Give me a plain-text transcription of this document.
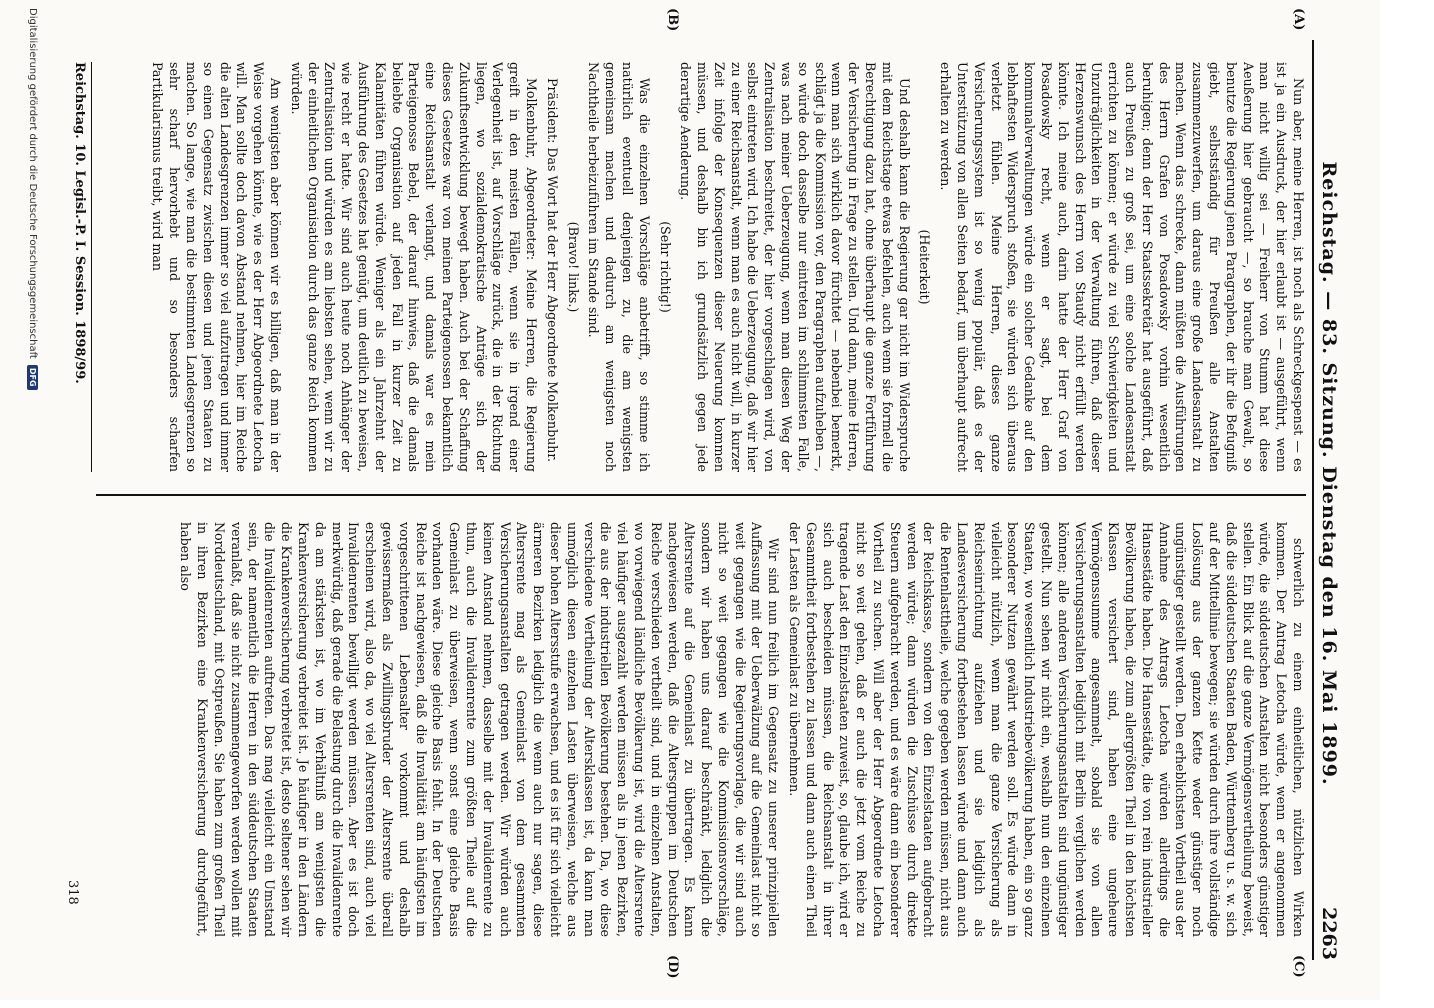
Reichstag. — 83. Sitzung. Dienstag den 16. Mai 1899.
2263
(A)
(B)
(C)
(D)

Nun aber, meine Herren, ist noch als Schreckgespenst — es ist ja ein Ausdruck, der hier erlaubt ist — ausgeführt, wenn man nicht willig sei — Freiherr von Stumm hat diese Aeußerung hier gebraucht —, so brauche man Gewalt, so benutze die Regierung jenen Paragraphen, der ihr die Befugniß giebt, selbstständig für Preußen alle Anstalten zusammenzuwerfen, um daraus eine große Landesanstalt zu machen. Wenn das schrecke, dann müßten die Ausführungen des Herrn Grafen von Posadowsky vorhin wesentlich beruhigen; denn der Herr Staatssekretär hat ausgeführt, daß auch Preußen zu groß sei, um eine solche Landesanstalt errichten zu können; er würde zu viel Schwierigkeiten und Unzuträglichkeiten in der Verwaltung führen, daß dieser Herzenswunsch des Herrn von Staudy nicht erfüllt werden könnte. Ich meine auch, darin hatte der Herr Graf von Posadowsky recht, wenn er sagt, bei dem kommunalverwaltungen würde ein solcher Gedanke auf den lebhaftesten Widerspruch stoßen, sie würden sich überaus verletzt fühlen. Meine Herren, dieses ganze Versicherungssystem ist so wenig populär, daß es der Unterstützung von allen Seiten bedarf, um überhaupt aufrecht erhalten zu werden.

(Heiterkeit)

Und deshalb kann die Regierung gar nicht im Widerspruche mit dem Reichstage etwas befehlen, auch wenn sie formell die Berechtigung dazu hat, ohne überhaupt die ganze Fortführung der Versicherung in Frage zu stellen. Und dann, meine Herren, wenn man sich wirklich davor fürchtet — nebenbei bemerkt, schlägt ja die Kommission vor, den Paragraphen aufzuheben —, so würde doch dasselbe nur eintreten im schlimmsten Falle, was nach meiner Ueberzeugung, wenn man diesen Weg der Zentralisation beschreitet, der hier vorgeschlagen wird, von selbst eintreten wird. Ich habe die Ueberzeugung, daß wir hier zu einer Reichsanstalt, wenn man es auch nicht will, in kurzer Zeit infolge der Konsequenzen dieser Neuerung kommen müssen, und deshalb bin ich grundsätzlich gegen jede derartige Aenderung.

(Sehr richtig!)

Was die einzelnen Vorschläge anbetrifft, so stimme ich natürlich eventuell denjenigen zu, die am wenigsten gemeinsam machen und dadurch am wenigsten noch Nachtheile herbeizuführen im Stande sind.

(Bravo! links.)

Präsident: Das Wort hat der Herr Abgeordnete Molkenbuhr.

Molkenbuhr, Abgeordneter: Meine Herren, die Regierung greift in den meisten Fällen, wenn sie in irgend einer Verlegenheit ist, auf Vorschläge zurück, die in der Richtung liegen, wo sozialdemokratische Anträge sich der Zukunftsentwicklung bewegt haben. Auch bei der Schaffung dieses Gesetzes war von meinen Parteigenossen bekanntlich eine Reichsanstalt verlangt, und damals war es mein Parteigenosse Bebel, der darauf hinwies, daß die damals beliebte Organisation auf jeden Fall in kurzer Zeit zu Kalamitäten führen würde. Weniger als ein Jahrzehnt der Ausführung des Gesetzes hat genügt, um deutlich zu beweisen, wie recht er hatte. Wir sind auch heute noch Anhänger der Zentralisation und würden es am liebsten sehen, wenn wir zu der einheitlichen Organisation durch das ganze Reich kommen würden.

Am wenigsten aber können wir es billigen, daß man in der Weise vorgehen könnte, wie es der Herr Abgeordnete Letocha will. Man sollte doch davon Abstand nehmen, hier im Reiche die alten Landesgrenzen immer so viel aufzutragen und immer so einen Gegensatz zwischen diesen und jenen Staaten zu machen. So lange, wie man die bestimmten Landesgrenzen so sehr scharf hervorhebt und so besonders scharfen Partikularismus treibt, wird man

schwerlich zu einem einheitlichen, nützlichen Wirken kommen. Der Antrag Letocha würde, wenn er angenommen würde, die süddeutschen Anstalten nicht besonders günstiger stellen. Ein Blick auf die ganze Vermögensvertheilung beweist, daß die süddeutschen Staaten Baden, Württemberg u. s. w. sich auf der Mittellinie bewegen; sie würden durch ihre vollständige Loslösung aus der ganzen Kette weder günstiger noch ungünstiger gestellt werden. Den erheblichsten Vortheil aus der Annahme des Antrags Letocha würden allerdings die Hansestädte haben. Die Hansestädte, die von rein industrieller Bevölkerung haben, die zum allergrößten Theil in den höchsten Klassen versichert sind, haben eine ungeheure Vermögenssumme angesammelt, sobald sie von allen Versicherungsanstalten lediglich mit Berlin verglichen werden können; alle anderen Versicherungsanstalten sind ungünstiger gestellt. Nun sehen wir nicht ein, weshalb nun den einzelnen Staaten, wo wesentlich Industriebevölkerung haben, ein so ganz besonderer Nutzen gewährt werden soll. Es würde dann in vielleicht nützlich, wenn man die ganze Versicherung als Reichseinrichtung aufziehen und sie lediglich als Landesversicherung fortbestehen lassen würde und dann auch die Rentenlasttheile, welche gegeben werden müssen, nicht aus der Reichskasse, sondern von den Einzelstaaten aufgebracht werden würde; dann würden die Zuschüsse durch direkte Steuern aufgebracht werden, und es wäre dann ein besonderer Vortheil zu suchen. Will aber der Herr Abgeordnete Letocha nicht so weit gehen, daß er auch die jetzt vom Reiche zu tragende Last den Einzelstaaten zuweist, so, glaube ich, wird er sich auch bescheiden müssen, die Reichsanstalt in ihrer Gesammtheit fortbestehen zu lassen und dann auch einen Theil der Lasten als Gemeinlast zu übernehmen.

Wir sind nun freilich im Gegensatz zu unserer prinzipiellen Auffassung mit der Ueberwälzung auf die Gemeinlast nicht so weit gegangen wie die Regierungsvorlage, die wir sind auch nicht so weit gegangen wie die Kommissionsvorschläge, sondern wir haben uns darauf beschränkt, lediglich die Altersrente auf die Gemeinlast zu übertragen. Es kann nachgewiesen werden, daß die Altersgruppen im Deutschen Reiche verschieden vertheilt sind, und in einzelnen Anstalten, wo vorwiegend ländliche Bevölkerung ist, wird die Altersrente viel häufiger ausgezahlt werden müssen als in jenen Bezirken, die aus der industriellen Bevölkerung bestehen. Da, wo diese verschiedene Vertheilung der Altersklassen ist, da kann man unmöglich diesen einzelnen Lasten überweisen, welche aus dieser hohen Altersstufe erwachsen, und es ist für sich vielleicht ärmeren Bezirken lediglich die wenn auch nur sagen, diese Altersrente mag als Gemeinlast von dem gesammten Versicherungsanstalten getragen werden. Wir würden auch keinen Anstand nehmen, dasselbe mit der Invalidenrente zu thun, auch die Invalidenrente zum größten Theile auf die Gemeinlast zu überweisen, wenn sonst eine gleiche Basis vorhanden wäre. Diese gleiche Basis fehlt. In der Deutschen Reiche ist nachgewiesen, daß die Invalidität am häufigsten im vorgeschrittenen Lebensalter vorkommt und deshalb gewissermaßen als Zwillingsbruder der Altersrente überall erscheinen wird, also da, wo viel Altersrenten sind, auch viel Invalidenrenten bewilligt werden müssen. Aber es ist doch merkwürdig, daß gerade die Belastung durch die Invalidenrente da am stärksten ist, wo im Verhältniß am wenigsten die Krankenversicherung verbreitet ist. Je häufiger in den Ländern die Krankenversicherung verbreitet ist, desto seltener sehen wir die Invalidenrenten auftreten. Das mag vielleicht ein Umstand sein, der namentlich die Herren in den süddeutschen Staaten veranlaßt, daß sie nicht zusammengeworfen werden wollen mit Norddeutschland, mit Ostpreußen. Sie haben zum großen Theil in ihren Bezirken eine Krankenversicherung durchgeführt, haben also

Reichstag. 10. Legisl.-P. I. Session. 1898/99.
318
Digitalisierung gefördert durch die Deutsche Forschungsgemeinschaft
DFG
